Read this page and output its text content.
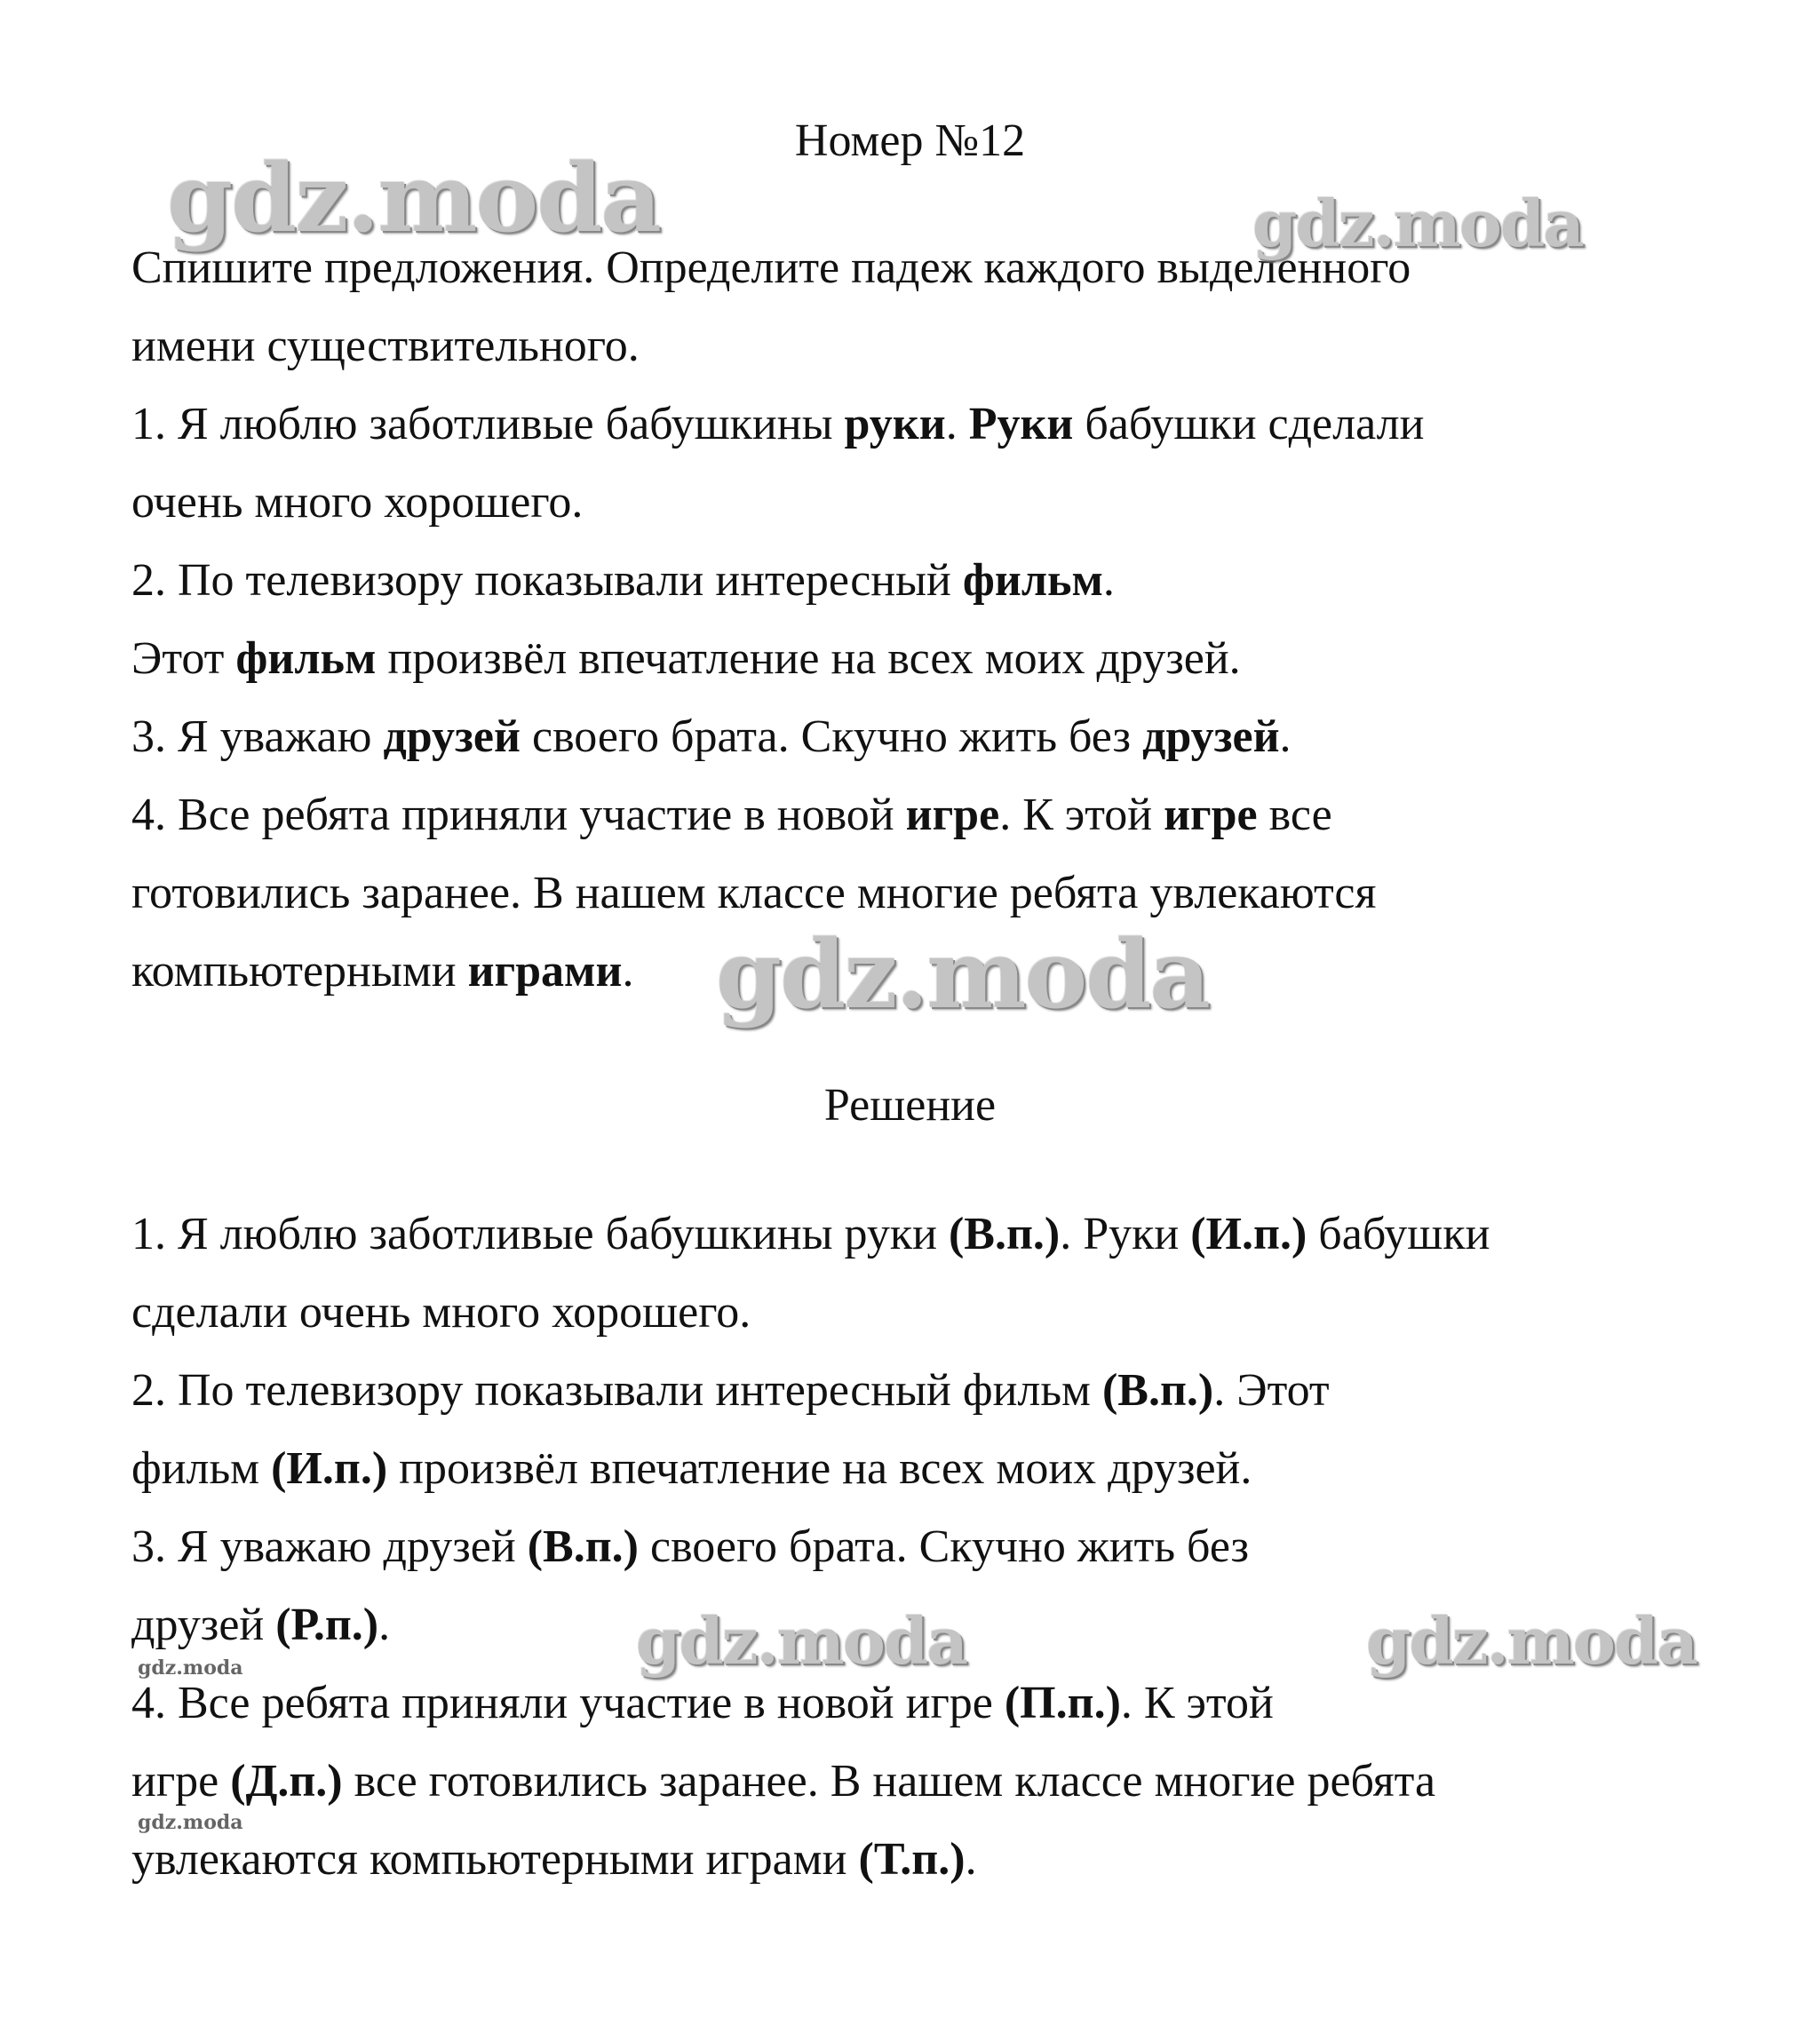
Номер №12
Спишите предложения. Определите падеж каждого выделенного
имени существительного.
1. Я люблю заботливые бабушкины руки. Руки бабушки сделали
очень много хорошего.
2. По телевизору показывали интересный фильм.
Этот фильм произвёл впечатление на всех моих друзей.
3. Я уважаю друзей своего брата. Скучно жить без друзей.
4. Все ребята приняли участие в новой игре. К этой игре все
готовились заранее. В нашем классе многие ребята увлекаются
компьютерными играми.
Решение
1. Я люблю заботливые бабушкины руки (В.п.). Руки (И.п.) бабушки
сделали очень много хорошего.
2. По телевизору показывали интересный фильм (В.п.). Этот
фильм (И.п.) произвёл впечатление на всех моих друзей.
3. Я уважаю друзей (В.п.) своего брата. Скучно жить без
друзей (Р.п.).
4. Все ребята приняли участие в новой игре (П.п.). К этой
игре (Д.п.) все готовились заранее. В нашем классе многие ребята
увлекаются компьютерными играми (Т.п.).
gdz.moda	gdz.moda
gdz.moda
gdz.moda	gdz.moda
gdz.moda
gdz.moda
